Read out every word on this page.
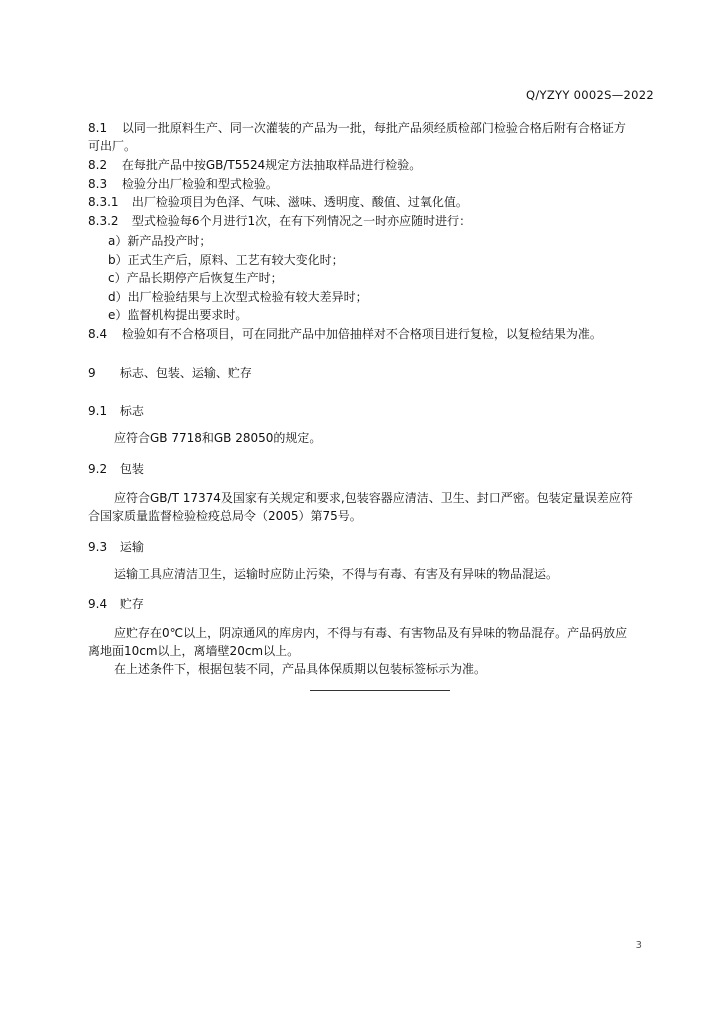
Q/YZYY 0002S—2022
8.1 以同一批原料生产、同一次灌装的产品为一批，每批产品须经质检部门检验合格后附有合格证方
可出厂。
8.2 在每批产品中按GB/T5524规定方法抽取样品进行检验。
8.3 检验分出厂检验和型式检验。
8.3.1 出厂检验项目为色泽、气味、滋味、透明度、酸值、过氧化值。
8.3.2 型式检验每6个月进行1次，在有下列情况之一时亦应随时进行：
a）新产品投产时；
b）正式生产后，原料、工艺有较大变化时；
c）产品长期停产后恢复生产时；
d）出厂检验结果与上次型式检验有较大差异时；
e）监督机构提出要求时。
8.4 检验如有不合格项目，可在同批产品中加倍抽样对不合格项目进行复检，以复检结果为准。
9 标志、包装、运输、贮存
9.1 标志
应符合GB 7718和GB 28050的规定。
9.2 包装
应符合GB/T 17374及国家有关规定和要求,包装容器应清洁、卫生、封口严密。包装定量误差应符
合国家质量监督检验检疫总局令（2005）第75号。
9.3 运输
运输工具应清洁卫生，运输时应防止污染，不得与有毒、有害及有异味的物品混运。
9.4 贮存
应贮存在0℃以上，阴凉通风的库房内，不得与有毒、有害物品及有异味的物品混存。产品码放应
离地面10cm以上，离墙壁20cm以上。
在上述条件下，根据包装不同，产品具体保质期以包装标签标示为准。
3
